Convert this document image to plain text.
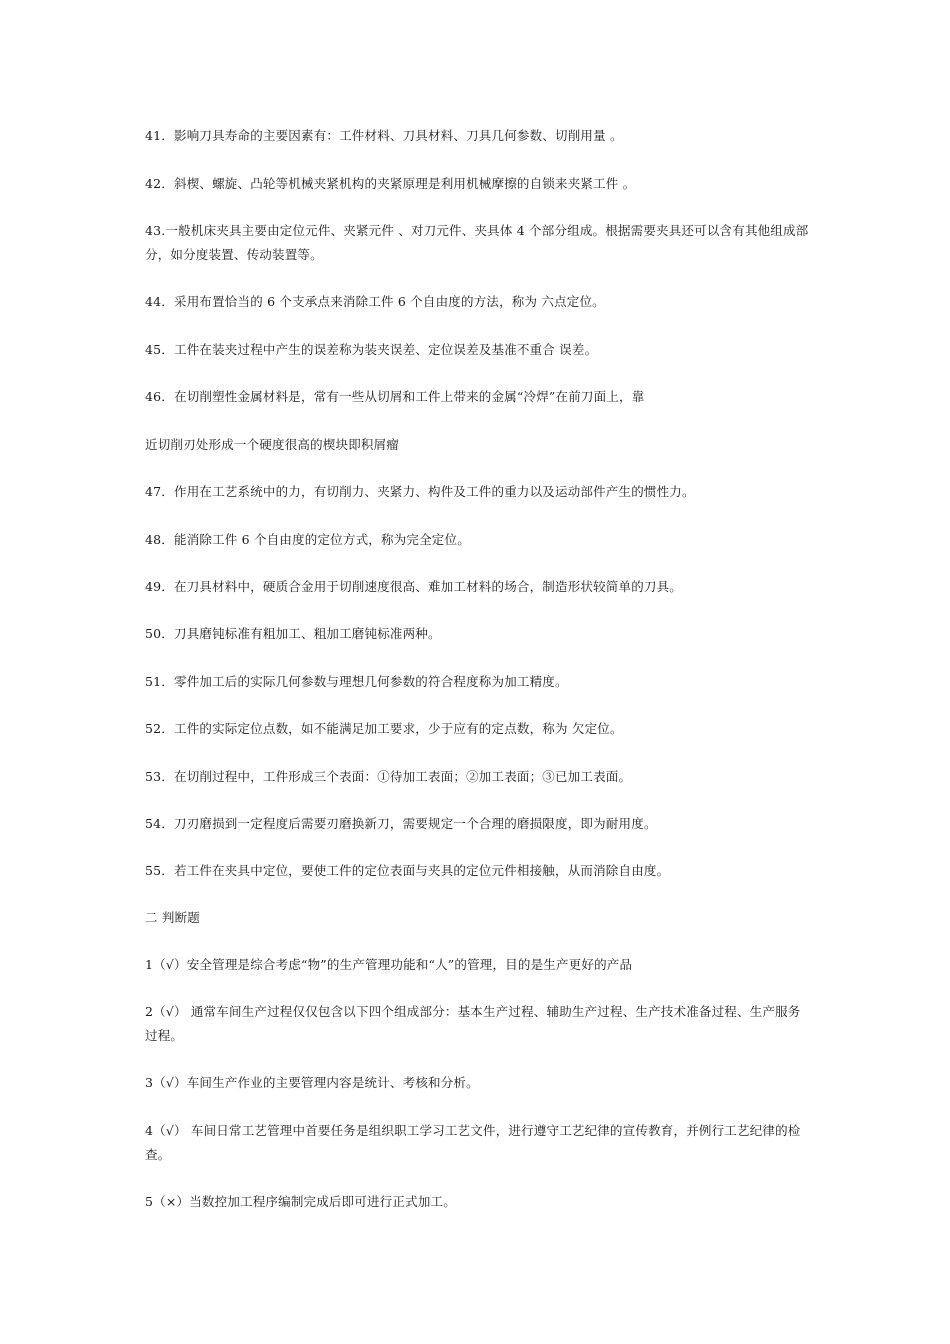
41．影响刀具寿命的主要因素有：工件材料、刀具材料、刀具几何参数、切削用量 。
42．斜楔、螺旋、凸轮等机械夹紧机构的夹紧原理是利用机械摩擦的自锁来夹紧工件 。
43.一般机床夹具主要由定位元件、夹紧元件 、对刀元件、夹具体 4 个部分组成。根据需要夹具还可以含有其他组成部分，如分度装置、传动装置等。
44．采用布置恰当的 6 个支承点来消除工件 6 个自由度的方法，称为 六点定位。
45．工件在装夹过程中产生的误差称为装夹误差、定位误差及基准不重合 误差。
46．在切削塑性金属材料是，常有一些从切屑和工件上带来的金属“冷焊”在前刀面上，靠
近切削刃处形成一个硬度很高的楔块即积屑瘤
47．作用在工艺系统中的力，有切削力、夹紧力、构件及工件的重力以及运动部件产生的惯性力。
48．能消除工件 6 个自由度的定位方式，称为完全定位。
49．在刀具材料中，硬质合金用于切削速度很高、难加工材料的场合，制造形状较简单的刀具。
50．刀具磨钝标准有粗加工、粗加工磨钝标准两种。
51．零件加工后的实际几何参数与理想几何参数的符合程度称为加工精度。
52．工件的实际定位点数，如不能满足加工要求，少于应有的定点数，称为 欠定位。
53．在切削过程中，工件形成三个表面：①待加工表面；②加工表面；③已加工表面。
54．刀刃磨损到一定程度后需要刃磨换新刀，需要规定一个合理的磨损限度，即为耐用度。
55．若工件在夹具中定位，要使工件的定位表面与夹具的定位元件相接触，从而消除自由度。
二 判断题
1（√）安全管理是综合考虑“物”的生产管理功能和“人”的管理，目的是生产更好的产品
2（√） 通常车间生产过程仅仅包含以下四个组成部分：基本生产过程、辅助生产过程、生产技术准备过程、生产服务过程。
3（√）车间生产作业的主要管理内容是统计、考核和分析。
4（√） 车间日常工艺管理中首要任务是组织职工学习工艺文件，进行遵守工艺纪律的宣传教育，并例行工艺纪律的检查。
5（×）当数控加工程序编制完成后即可进行正式加工。
